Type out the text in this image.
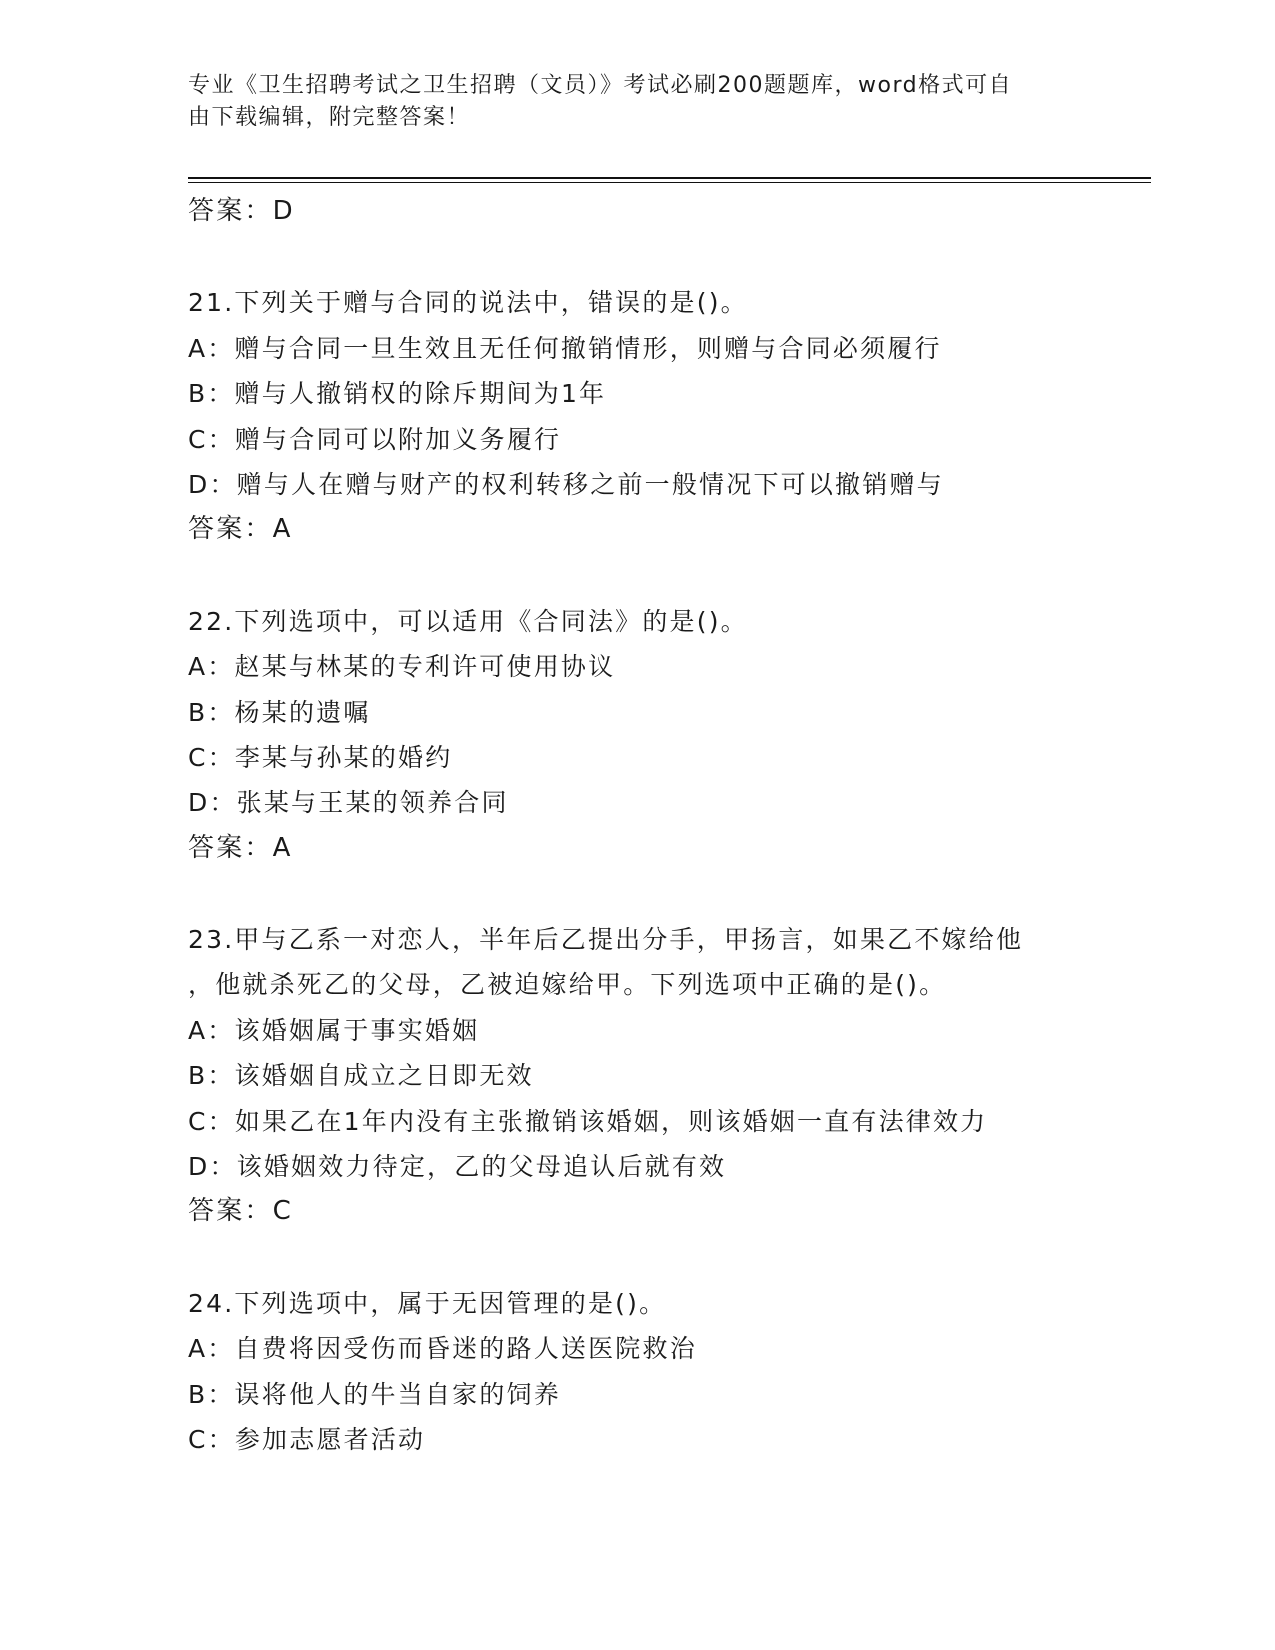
专业《卫生招聘考试之卫生招聘（文员）》考试必刷200题题库，word格式可自
由下载编辑，附完整答案！
答案：D
21.下列关于赠与合同的说法中，错误的是()。
A：赠与合同一旦生效且无任何撤销情形，则赠与合同必须履行
B：赠与人撤销权的除斥期间为1年
C：赠与合同可以附加义务履行
D：赠与人在赠与财产的权利转移之前一般情况下可以撤销赠与
答案：A
22.下列选项中，可以适用《合同法》的是()。
A：赵某与林某的专利许可使用协议
B：杨某的遗嘱
C：李某与孙某的婚约
D：张某与王某的领养合同
答案：A
23.甲与乙系一对恋人，半年后乙提出分手，甲扬言，如果乙不嫁给他
，他就杀死乙的父母，乙被迫嫁给甲。下列选项中正确的是()。
A：该婚姻属于事实婚姻
B：该婚姻自成立之日即无效
C：如果乙在1年内没有主张撤销该婚姻，则该婚姻一直有法律效力
D：该婚姻效力待定，乙的父母追认后就有效
答案：C
24.下列选项中，属于无因管理的是()。
A：自费将因受伤而昏迷的路人送医院救治
B：误将他人的牛当自家的饲养
C：参加志愿者活动
